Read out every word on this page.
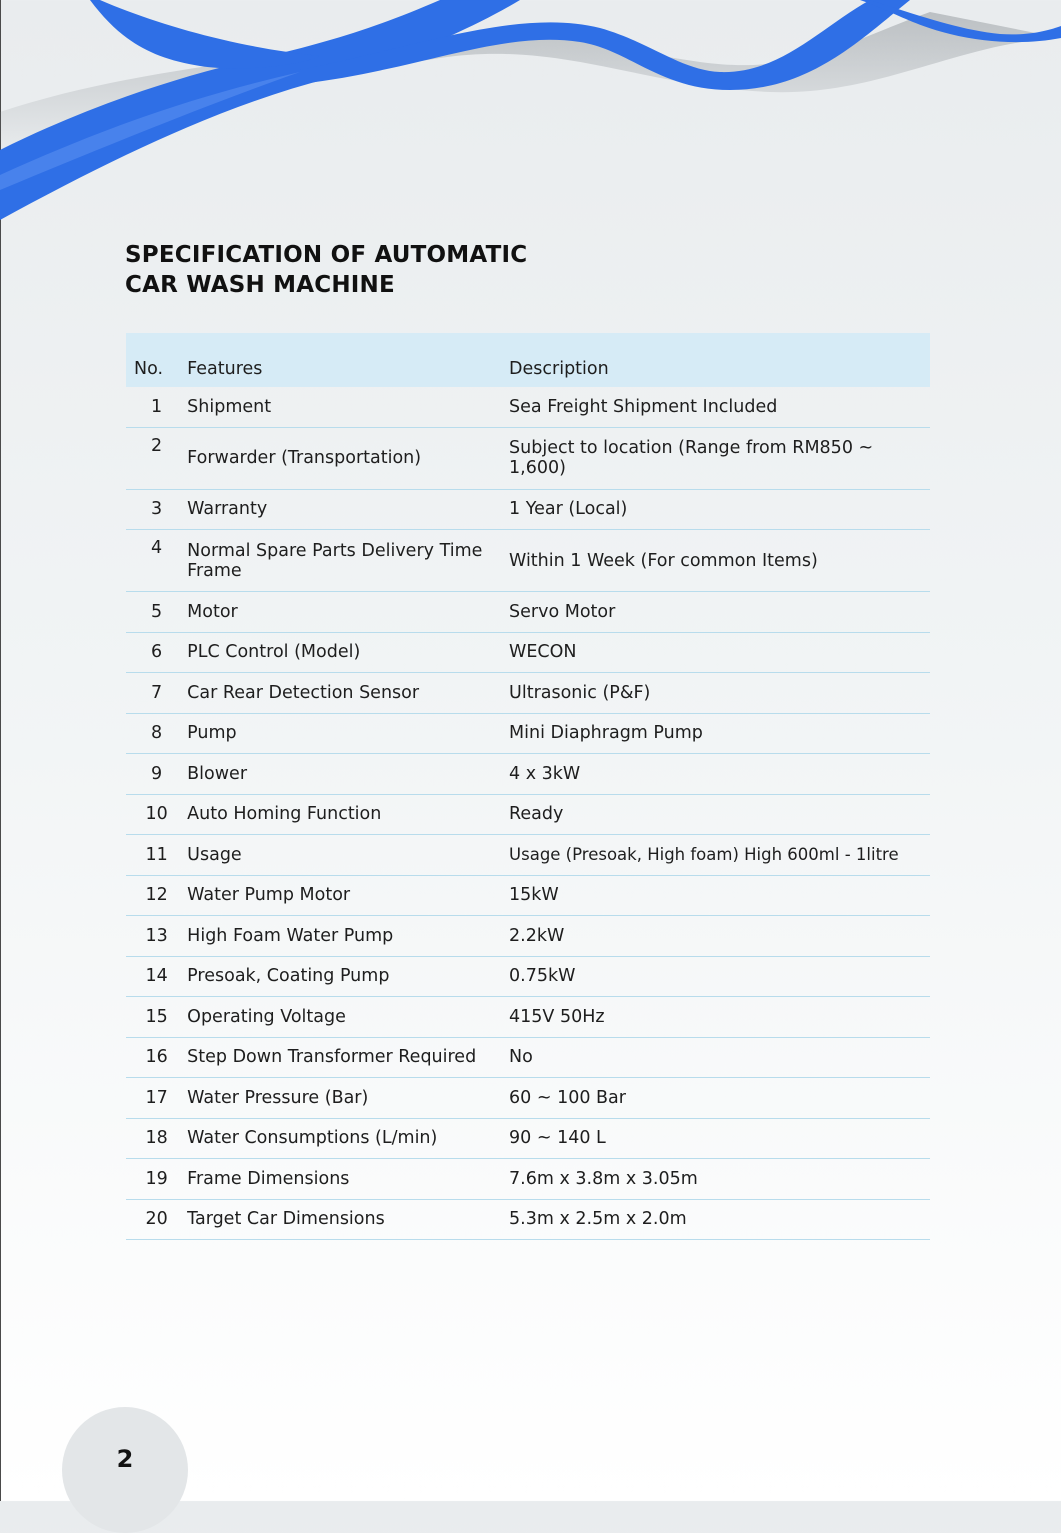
SPECIFICATION OF AUTOMATIC
CAR WASH MACHINE
No.	Features	Description
1	Shipment	Sea Freight Shipment Included
2	Forwarder (Transportation)	Subject to location (Range from RM850 ~ 1,600)

3	Warranty	1 Year (Local)
4	Normal Spare Parts Delivery Time Frame	Within 1 Week (For common Items)
5	Motor	Servo Motor
6	PLC Control (Model)	WECON
7	Car Rear Detection Sensor	Ultrasonic (P&F)
8	Pump	Mini Diaphragm Pump
9	Blower	4 x 3kW
10	Auto Homing Function	Ready
11	Usage	Usage (Presoak, High foam) High 600ml - 1litre
12	Water Pump Motor	15kW
13	High Foam Water Pump	2.2kW
14	Presoak, Coating Pump	0.75kW
15	Operating Voltage	415V 50Hz
16	Step Down Transformer Required	No
17	Water Pressure (Bar)	60 ~ 100 Bar
18	Water Consumptions (L/min)	90 ~ 140 L
19	Frame Dimensions	7.6m x 3.8m x 3.05m
20	Target Car Dimensions	5.3m x 2.5m x 2.0m
2
